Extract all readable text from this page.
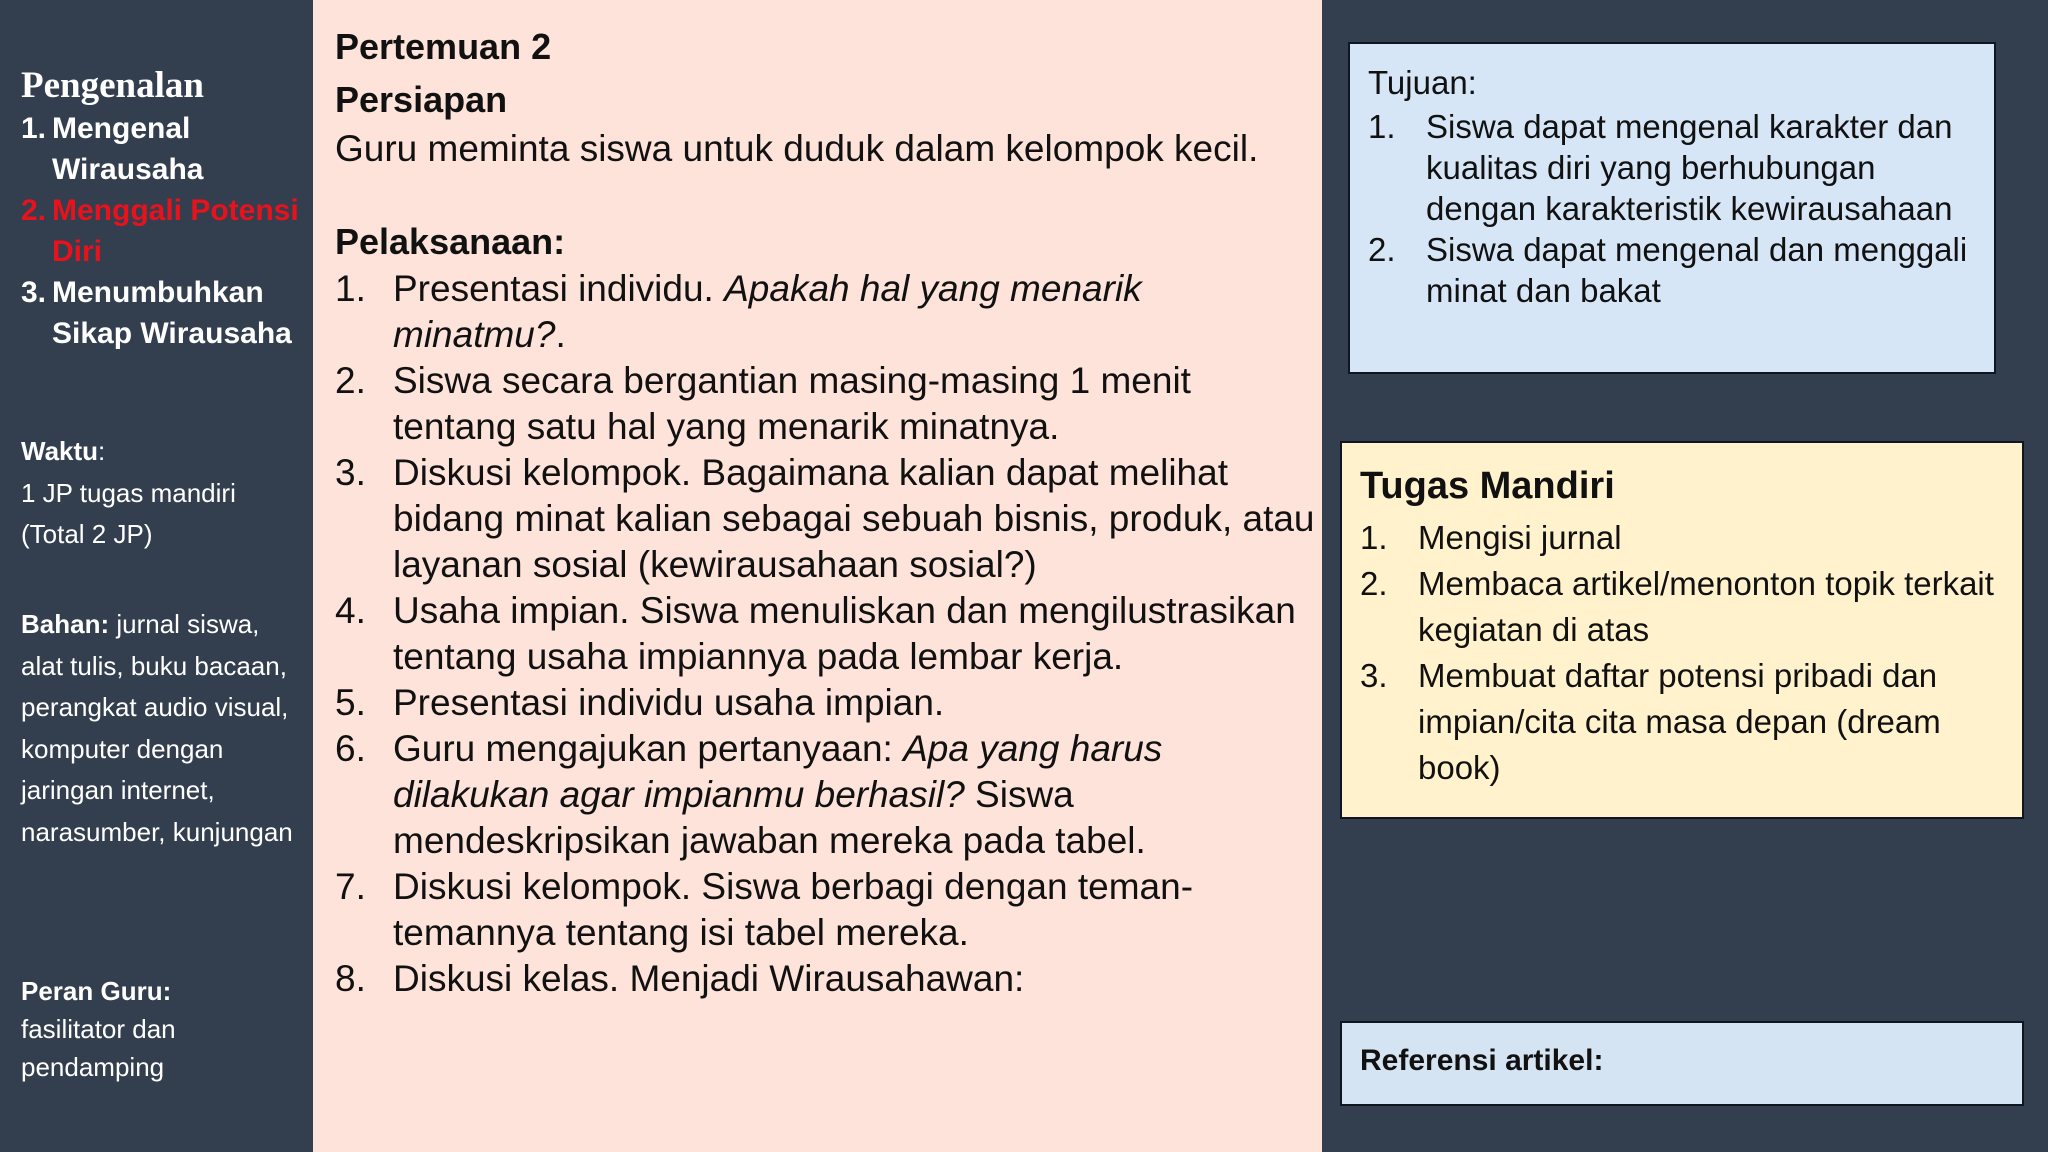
Pengenalan
1. Mengenal Wirausaha
2. Menggali Potensi Diri
3. Menumbuhkan Sikap Wirausaha
Waktu:
1 JP tugas mandiri (Total 2 JP)
Bahan: jurnal siswa, alat tulis, buku bacaan, perangkat audio visual, komputer dengan jaringan internet, narasumber, kunjungan
Peran Guru:
fasilitator dan pendamping
Pertemuan 2
Persiapan
Guru meminta siswa untuk duduk dalam kelompok kecil.
Pelaksanaan:
1. Presentasi individu. Apakah hal yang menarik minatmu?.
2. Siswa secara bergantian masing-masing 1 menit tentang satu hal yang menarik minatnya.
3. Diskusi kelompok. Bagaimana kalian dapat melihat bidang minat kalian sebagai sebuah bisnis, produk, atau layanan sosial (kewirausahaan sosial?)
4. Usaha impian. Siswa menuliskan dan mengilustrasikan tentang usaha impiannya pada lembar kerja.
5. Presentasi individu usaha impian.
6. Guru mengajukan pertanyaan: Apa yang harus dilakukan agar impianmu berhasil? Siswa mendeskripsikan jawaban mereka pada tabel.
7. Diskusi kelompok. Siswa berbagi dengan teman-temannya tentang isi tabel mereka.
8. Diskusi kelas. Menjadi Wirausahawan:
Tujuan:
1. Siswa dapat mengenal karakter dan kualitas diri yang berhubungan dengan karakteristik kewirausahaan
2. Siswa dapat mengenal dan menggali minat dan bakat
Tugas Mandiri
1. Mengisi jurnal
2. Membaca artikel/menonton topik terkait kegiatan di atas
3. Membuat daftar potensi pribadi dan impian/cita cita masa depan (dream book)
Referensi artikel:
